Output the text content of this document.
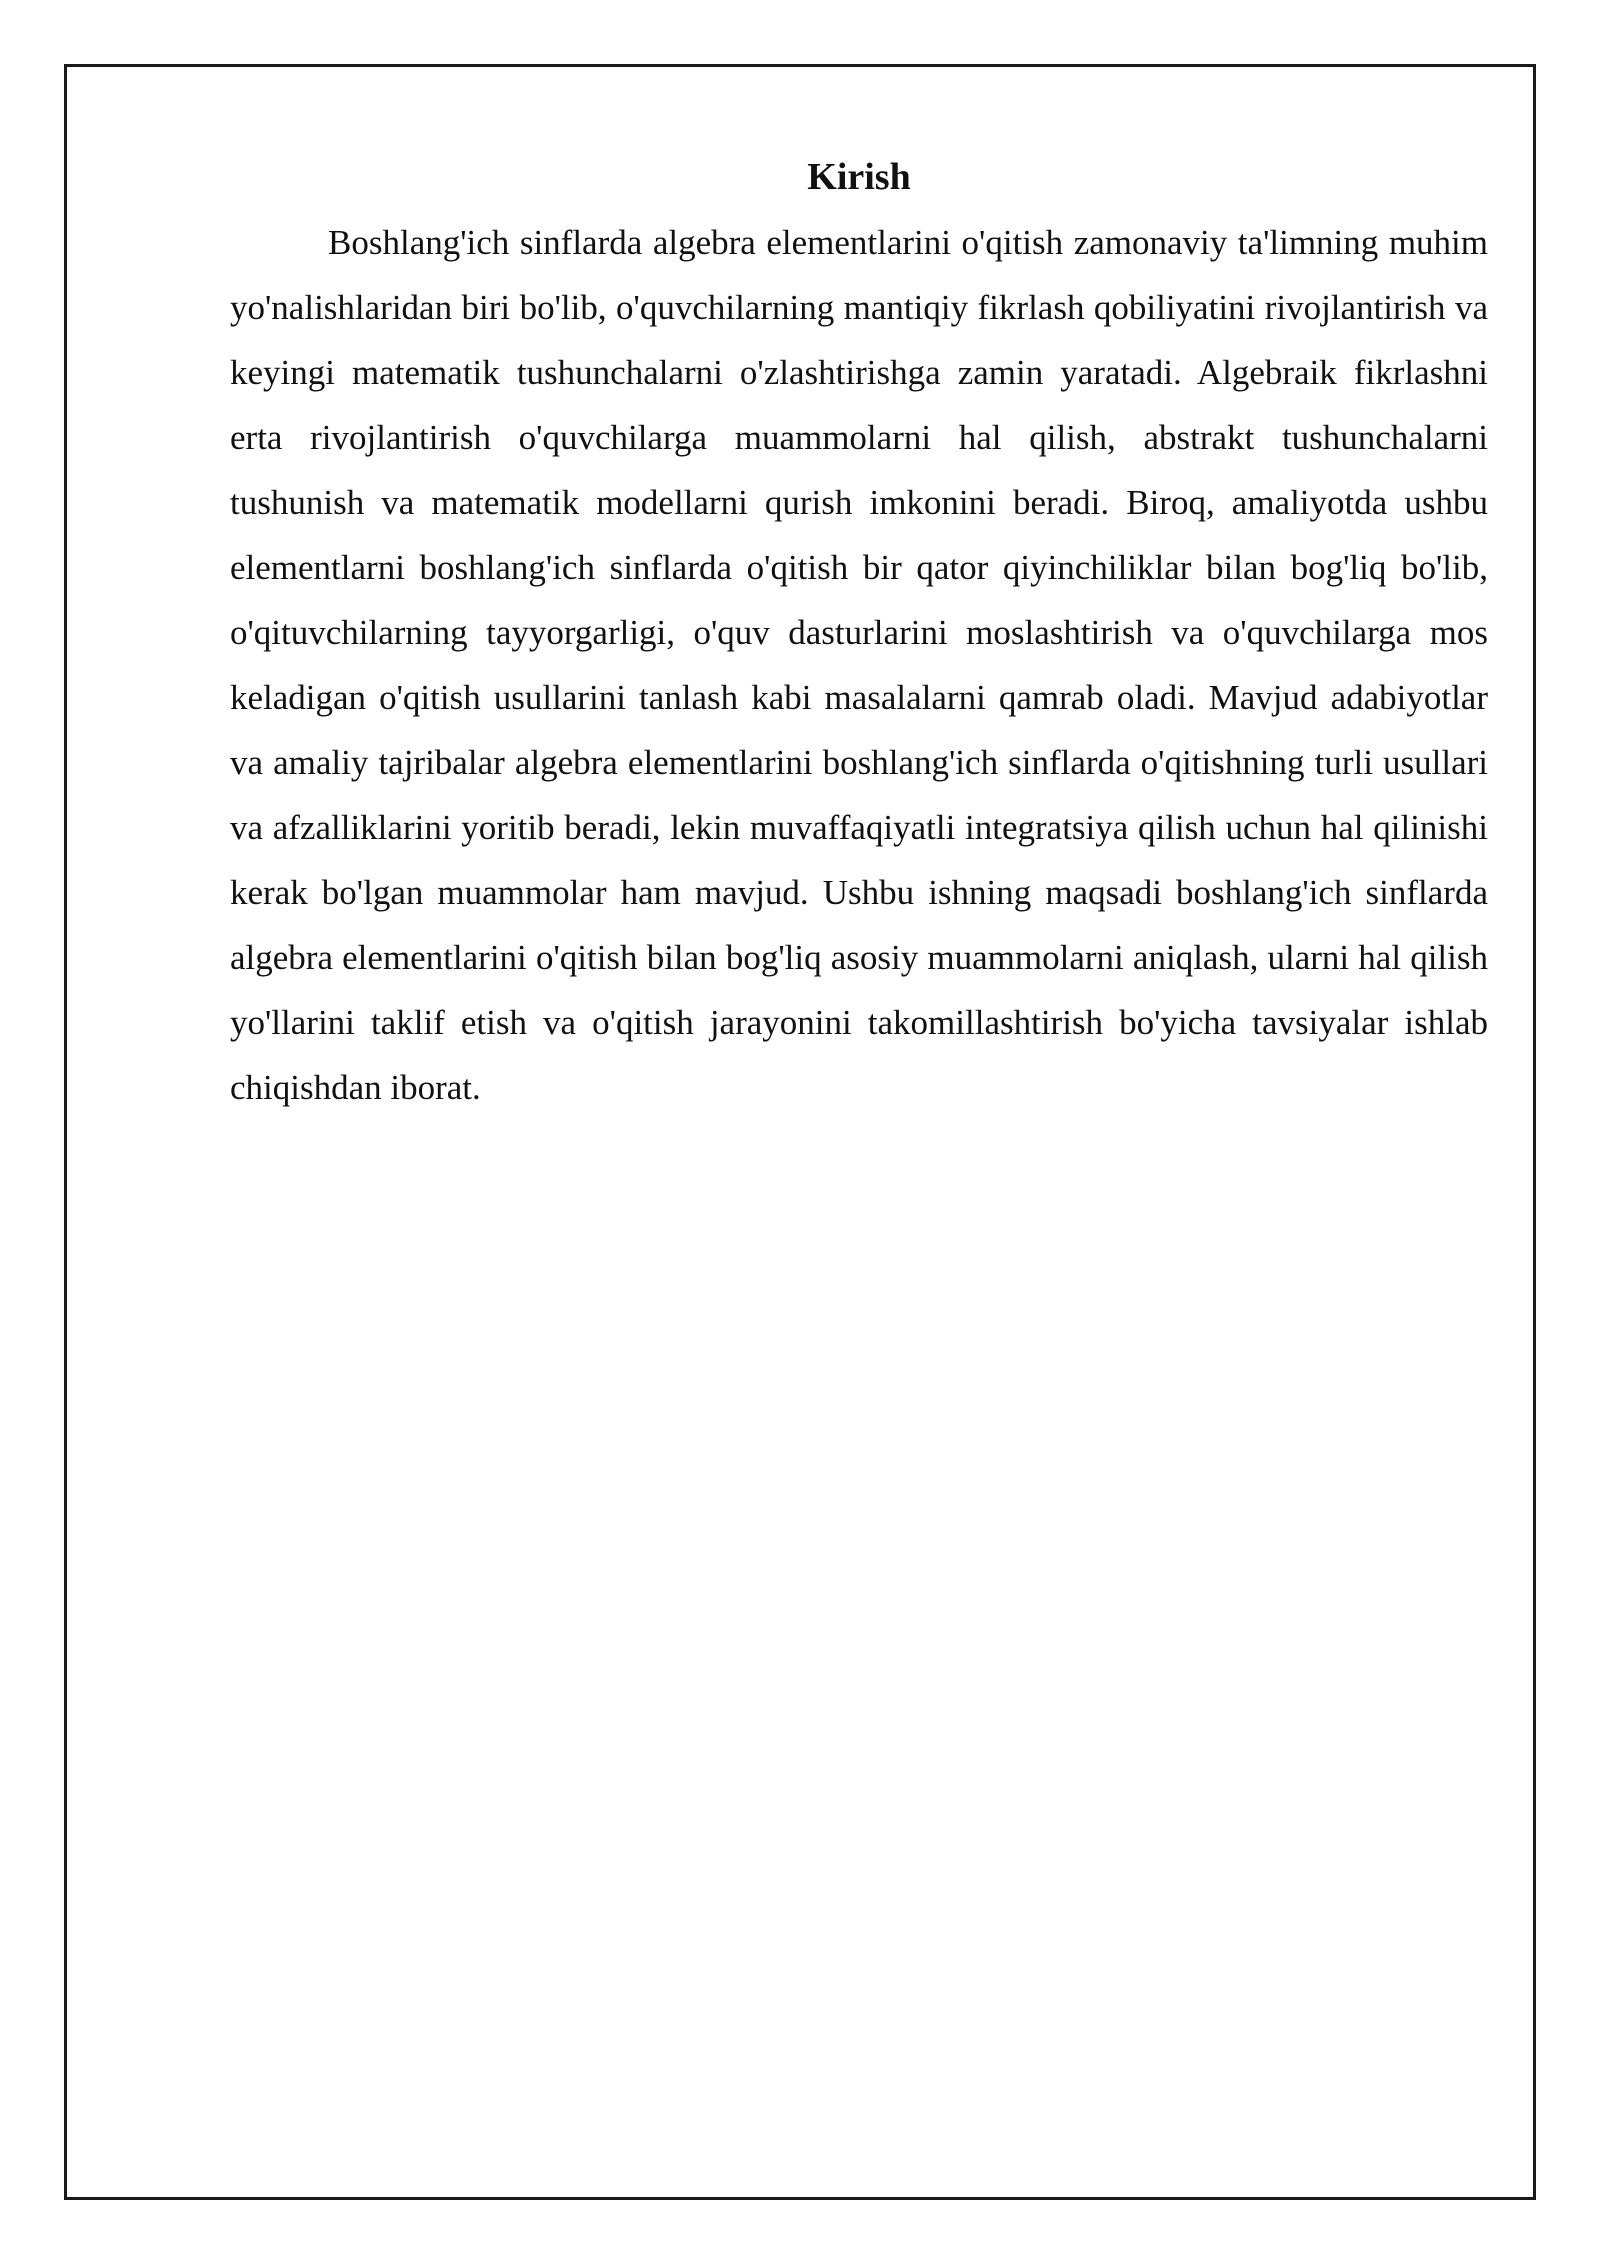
Kirish

Boshlang'ich sinflarda algebra elementlarini o'qitish zamonaviy ta'limning muhim yo'nalishlaridan biri bo'lib, o'quvchilarning mantiqiy fikrlash qobiliyatini rivojlantirish va keyingi matematik tushunchalarni o'zlashtirishga zamin yaratadi. Algebraik fikrlashni erta rivojlantirish o'quvchilarga muammolarni hal qilish, abstrakt tushunchalarni tushunish va matematik modellarni qurish imkonini beradi. Biroq, amaliyotda ushbu elementlarni boshlang'ich sinflarda o'qitish bir qator qiyinchiliklar bilan bog'liq bo'lib, o'qituvchilarning tayyorgarligi, o'quv dasturlarini moslashtirish va o'quvchilarga mos keladigan o'qitish usullarini tanlash kabi masalalarni qamrab oladi. Mavjud adabiyotlar va amaliy tajribalar algebra elementlarini boshlang'ich sinflarda o'qitishning turli usullari va afzalliklarini yoritib beradi, lekin muvaffaqiyatli integratsiya qilish uchun hal qilinishi kerak bo'lgan muammolar ham mavjud. Ushbu ishning maqsadi boshlang'ich sinflarda algebra elementlarini o'qitish bilan bog'liq asosiy muammolarni aniqlash, ularni hal qilish yo'llarini taklif etish va o'qitish jarayonini takomillashtirish bo'yicha tavsiyalar ishlab chiqishdan iborat.
